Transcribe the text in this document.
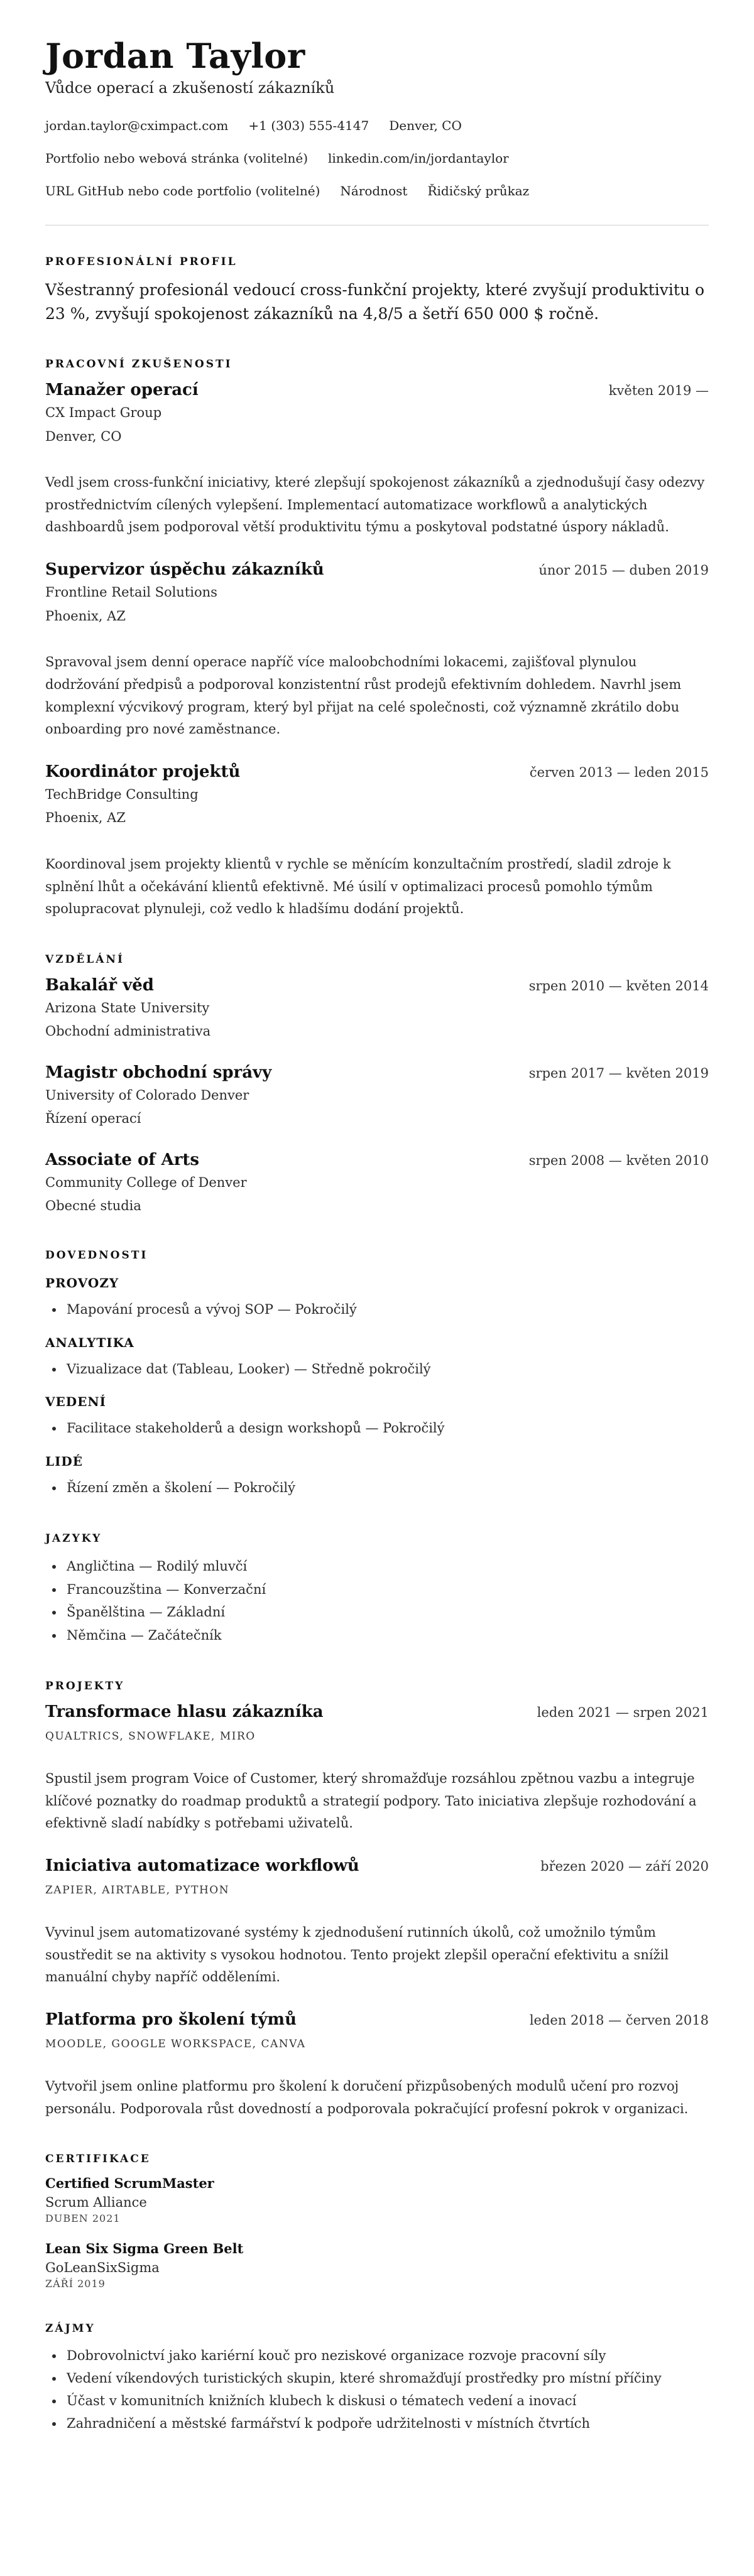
Jordan Taylor
Vůdce operací a zkušeností zákazníků
jordan.taylor@cximpact.com +1 (303) 555-4147 Denver, CO
Portfolio nebo webová stránka (volitelné) linkedin.com/in/jordantaylor
URL GitHub nebo code portfolio (volitelné) Národnost Řidičský průkaz
PROFESIONÁLNÍ PROFIL

Všestranný profesionál vedoucí cross-funkční projekty, které zvyšují produktivitu o 23 %, zvyšují spokojenost zákazníků na 4,8/5 a šetří 650 000 $ ročně.

PRACOVNÍ ZKUŠENOSTI
Manažer operací	květen 2019 —
CX Impact Group
Denver, CO
Vedl jsem cross-funkční iniciativy, které zlepšují spokojenost zákazníků a zjednodušují časy odezvy prostřednictvím cílených vylepšení. Implementací automatizace workflowů a analytických dashboardů jsem podporoval větší produktivitu týmu a poskytoval podstatné úspory nákladů.
Supervizor úspěchu zákazníků	únor 2015 — duben 2019
Frontline Retail Solutions
Phoenix, AZ
Spravoval jsem denní operace napříč více maloobchodními lokacemi, zajišťoval plynulou dodržování předpisů a podporoval konzistentní růst prodejů efektivním dohledem. Navrhl jsem komplexní výcvikový program, který byl přijat na celé společnosti, což významně zkrátilo dobu onboarding pro nové zaměstnance.
Koordinátor projektů	červen 2013 — leden 2015
TechBridge Consulting
Phoenix, AZ
Koordinoval jsem projekty klientů v rychle se měnícím konzultačním prostředí, sladil zdroje k splnění lhůt a očekávání klientů efektivně. Mé úsilí v optimalizaci procesů pomohlo týmům spolupracovat plynuleji, což vedlo k hladšímu dodání projektů.
VZDĚLÁNÍ
Bakalář věd	srpen 2010 — květen 2014
Arizona State University
Obchodní administrativa
Magistr obchodní správy	srpen 2017 — květen 2019
University of Colorado Denver
Řízení operací
Associate of Arts	srpen 2008 — květen 2010
Community College of Denver
Obecné studia
DOVEDNOSTI
PROVOZY
• Mapování procesů a vývoj SOP — Pokročilý
ANALYTIKA
• Vizualizace dat (Tableau, Looker) — Středně pokročilý
VEDENÍ
• Facilitace stakeholderů a design workshopů — Pokročilý
LIDÉ
• Řízení změn a školení — Pokročilý
JAZYKY
• Angličtina — Rodilý mluvčí
• Francouzština — Konverzační
• Španělština — Základní
• Němčina — Začátečník
PROJEKTY
Transformace hlasu zákazníka	leden 2021 — srpen 2021
QUALTRICS, SNOWFLAKE, MIRO
Spustil jsem program Voice of Customer, který shromažďuje rozsáhlou zpětnou vazbu a integruje klíčové poznatky do roadmap produktů a strategií podpory. Tato iniciativa zlepšuje rozhodování a efektivně sladí nabídky s potřebami uživatelů.
Iniciativa automatizace workflowů	březen 2020 — září 2020
ZAPIER, AIRTABLE, PYTHON
Vyvinul jsem automatizované systémy k zjednodušení rutinních úkolů, což umožnilo týmům soustředit se na aktivity s vysokou hodnotou. Tento projekt zlepšil operační efektivitu a snížil manuální chyby napříč odděleními.
Platforma pro školení týmů	leden 2018 — červen 2018
MOODLE, GOOGLE WORKSPACE, CANVA
Vytvořil jsem online platformu pro školení k doručení přizpůsobených modulů učení pro rozvoj personálu. Podporovala růst dovedností a podporovala pokračující profesní pokrok v organizaci.
CERTIFIKACE
Certified ScrumMaster
Scrum Alliance
DUBEN 2021
Lean Six Sigma Green Belt
GoLeanSixSigma
ZÁŘÍ 2019
ZÁJMY
• Dobrovolnictví jako kariérní kouč pro neziskové organizace rozvoje pracovní síly
• Vedení víkendových turistických skupin, které shromažďují prostředky pro místní příčiny
• Účast v komunitních knižních klubech k diskusi o tématech vedení a inovací
• Zahradničení a městské farmářství k podpoře udržitelnosti v místních čtvrtích
